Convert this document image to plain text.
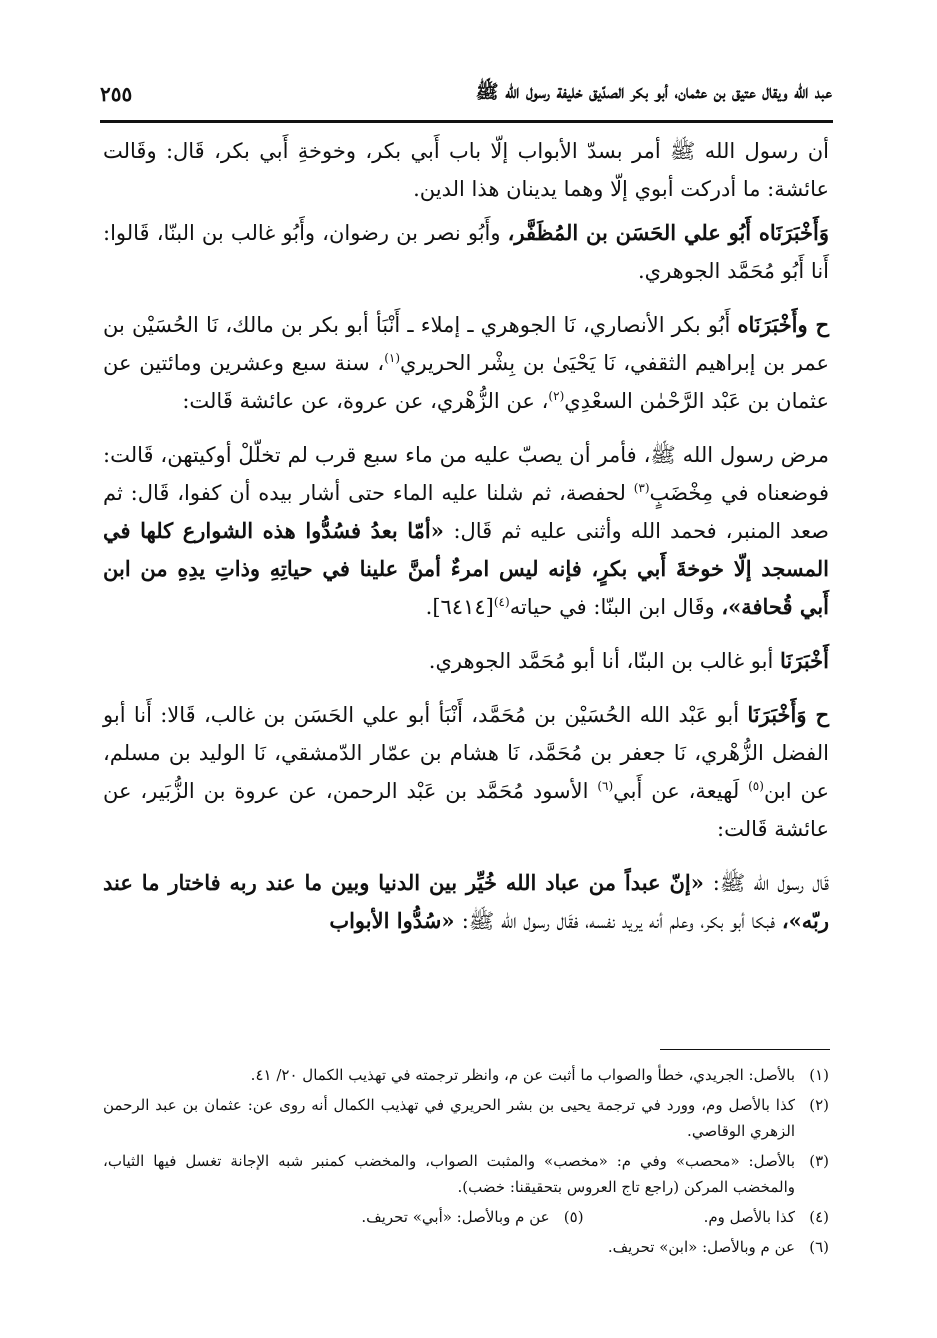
عبد الله ويقال عتيق بن عثمان، أبو بكر الصدّيق خليفة رسول الله ﷺ
٢٥٥

أن رسول الله ﷺ أمر بسدّ الأبواب إلّا باب أَبي بكر، وخوخةِ أَبي بكر، قَال: وقَالت عائشة: ما أدركت أبوي إلّا وهما يدينان هذا الدين.

وَأَخْبَرَنَاه أَبُو علي الحَسَن بن المُظَفَّر، وأَبُو نصر بن رضوان، وأَبُو غالب بن البنّا، قَالوا: أَنا أَبُو مُحَمَّد الجوهري.

ح وأَخْبَرَنَاه أَبُو بكر الأنصاري، نَا الجوهري ـ إملاء ـ أَنْبَأ أبو بكر بن مالك، نَا الحُسَيْن بن عمر بن إبراهيم الثقفي، نَا يَحْيَىٰ بن بِشْر الحريري$^{(١)}$، سنة سبع وعشرين ومائتين عن عثمان بن عَبْد الرَّحْمٰن السعْدِي$^{(٢)}$، عن الزُّهْري، عن عروة، عن عائشة قَالت:

مرض رسول الله ﷺ، فأمر أن يصبّ عليه من ماء سبع قرب لم تخلّلْ أوكيتهن، قَالت: فوضعناه في مِخْضَبٍ$^{(٣)}$ لحفصة، ثم شلنا عليه الماء حتى أشار بيده أن كفوا، قَال: ثم صعد المنبر، فحمد الله وأثنى عليه ثم قَال: «أمّا بعدُ فسُدُّوا هذه الشوارع كلها في المسجد إلّا خوخةَ أَبي بكرٍ، فإنه ليس امرءٌ أمنَّ علينا في حياتِهِ وذاتِ يدِهِ من ابن أَبي قُحافة»، وقَال ابن البنّا: في حياته$^{(٤)}$[٦٤١٤].

أَخْبَرَنَا أبو غالب بن البنّا، أنا أبو مُحَمَّد الجوهري.

ح وَأَخْبَرَنَا أبو عَبْد الله الحُسَيْن بن مُحَمَّد، أَنْبَأ أبو علي الحَسَن بن غالب، قَالا: أَنا أبو الفضل الزُّهْري، نَا جعفر بن مُحَمَّد، نَا هشام بن عمّار الدّمشقي، نَا الوليد بن مسلم، عن ابن$^{(٥)}$ لَهيعة، عن أَبي$^{(٦)}$ الأسود مُحَمَّد بن عَبْد الرحمن، عن عروة بن الزُّبَير، عن عائشة قَالت:

قَال رسول الله ﷺ: «إنّ عبداً من عباد الله خُيِّر بين الدنيا وبين ما عند ربه فاختار ما عند ربّه»، فبكا أبو بكر، وعلم أنه يريد نفسه، فقَال رسول الله ﷺ: «سُدُّوا الأبواب

(١)
بالأصل: الجريدي، خطأ والصواب ما أثبت عن م، وانظر ترجمته في تهذيب الكمال ٢٠/ ٤١.
(٢)
كذا بالأصل وم، وورد في ترجمة يحيى بن بشر الحريري في تهذيب الكمال أنه روى عن: عثمان بن عبد الرحمن الزهري الوقاصي.
(٣)
بالأصل: «محصب» وفي م: «مخصب» والمثبت الصواب، والمخضب كمنبر شبه الإجانة تغسل فيها الثياب، والمخضب المركن (راجع تاج العروس بتحقيقنا: خضب).
(٤)
كذا بالأصل وم.
(٥)
عن م وبالأصل: «أبي» تحريف.
(٦)
عن م وبالأصل: «ابن» تحريف.
